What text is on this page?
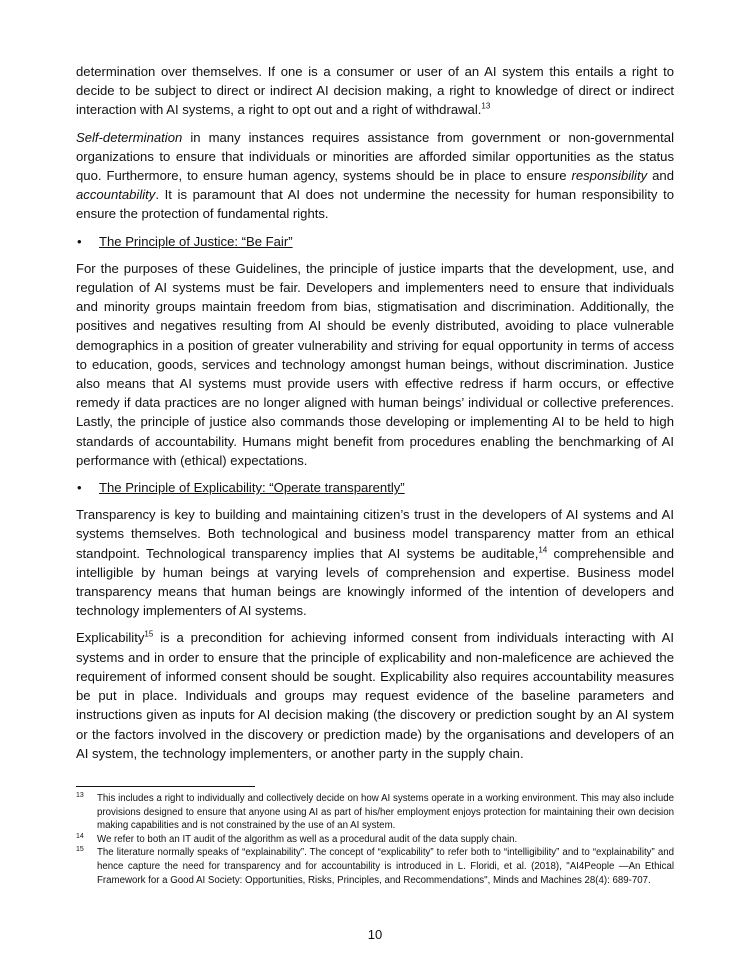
determination over themselves. If one is a consumer or user of an AI system this entails a right to decide to be subject to direct or indirect AI decision making, a right to knowledge of direct or indirect interaction with AI systems, a right to opt out and a right of withdrawal.$^{13}$

Self-determination in many instances requires assistance from government or non-governmental organizations to ensure that individuals or minorities are afforded similar opportunities as the status quo. Furthermore, to ensure human agency, systems should be in place to ensure responsibility and accountability. It is paramount that AI does not undermine the necessity for human responsibility to ensure the protection of fundamental rights.

• The Principle of Justice: “Be Fair”

For the purposes of these Guidelines, the principle of justice imparts that the development, use, and regulation of AI systems must be fair. Developers and implementers need to ensure that individuals and minority groups maintain freedom from bias, stigmatisation and discrimination. Additionally, the positives and negatives resulting from AI should be evenly distributed, avoiding to place vulnerable demographics in a position of greater vulnerability and striving for equal opportunity in terms of access to education, goods, services and technology amongst human beings, without discrimination. Justice also means that AI systems must provide users with effective redress if harm occurs, or effective remedy if data practices are no longer aligned with human beings’ individual or collective preferences. Lastly, the principle of justice also commands those developing or implementing AI to be held to high standards of accountability. Humans might benefit from procedures enabling the benchmarking of AI performance with (ethical) expectations.

• The Principle of Explicability: “Operate transparently”

Transparency is key to building and maintaining citizen’s trust in the developers of AI systems and AI systems themselves. Both technological and business model transparency matter from an ethical standpoint. Technological transparency implies that AI systems be auditable,$^{14}$ comprehensible and intelligible by human beings at varying levels of comprehension and expertise. Business model transparency means that human beings are knowingly informed of the intention of developers and technology implementers of AI systems.

Explicability$^{15}$ is a precondition for achieving informed consent from individuals interacting with AI systems and in order to ensure that the principle of explicability and non-maleficence are achieved the requirement of informed consent should be sought. Explicability also requires accountability measures be put in place. Individuals and groups may request evidence of the baseline parameters and instructions given as inputs for AI decision making (the discovery or prediction sought by an AI system or the factors involved in the discovery or prediction made) by the organisations and developers of an AI system, the technology implementers, or another party in the supply chain.

13 This includes a right to individually and collectively decide on how AI systems operate in a working environment. This may also include provisions designed to ensure that anyone using AI as part of his/her employment enjoys protection for maintaining their own decision making capabilities and is not constrained by the use of an AI system.

14 We refer to both an IT audit of the algorithm as well as a procedural audit of the data supply chain.

15 The literature normally speaks of “explainability”. The concept of “explicability” to refer both to “intelligibility” and to “explainability” and hence capture the need for transparency and for accountability is introduced in L. Floridi, et al. (2018), "AI4People —An Ethical Framework for a Good AI Society: Opportunities, Risks, Principles, and Recommendations", Minds and Machines 28(4): 689-707.

10
